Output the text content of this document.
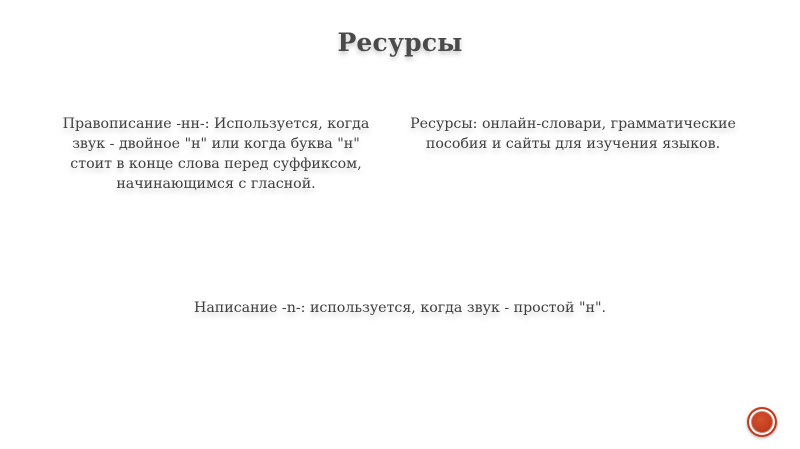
Ресурсы
Правописание -нн-: Используется, когда звук - двойное "н" или когда буква "н" стоит в конце слова перед суффиксом, начинающимся с гласной.
Ресурсы: онлайн-словари, грамматические пособия и сайты для изучения языков.
Написание -n-: используется, когда звук - простой "н".
